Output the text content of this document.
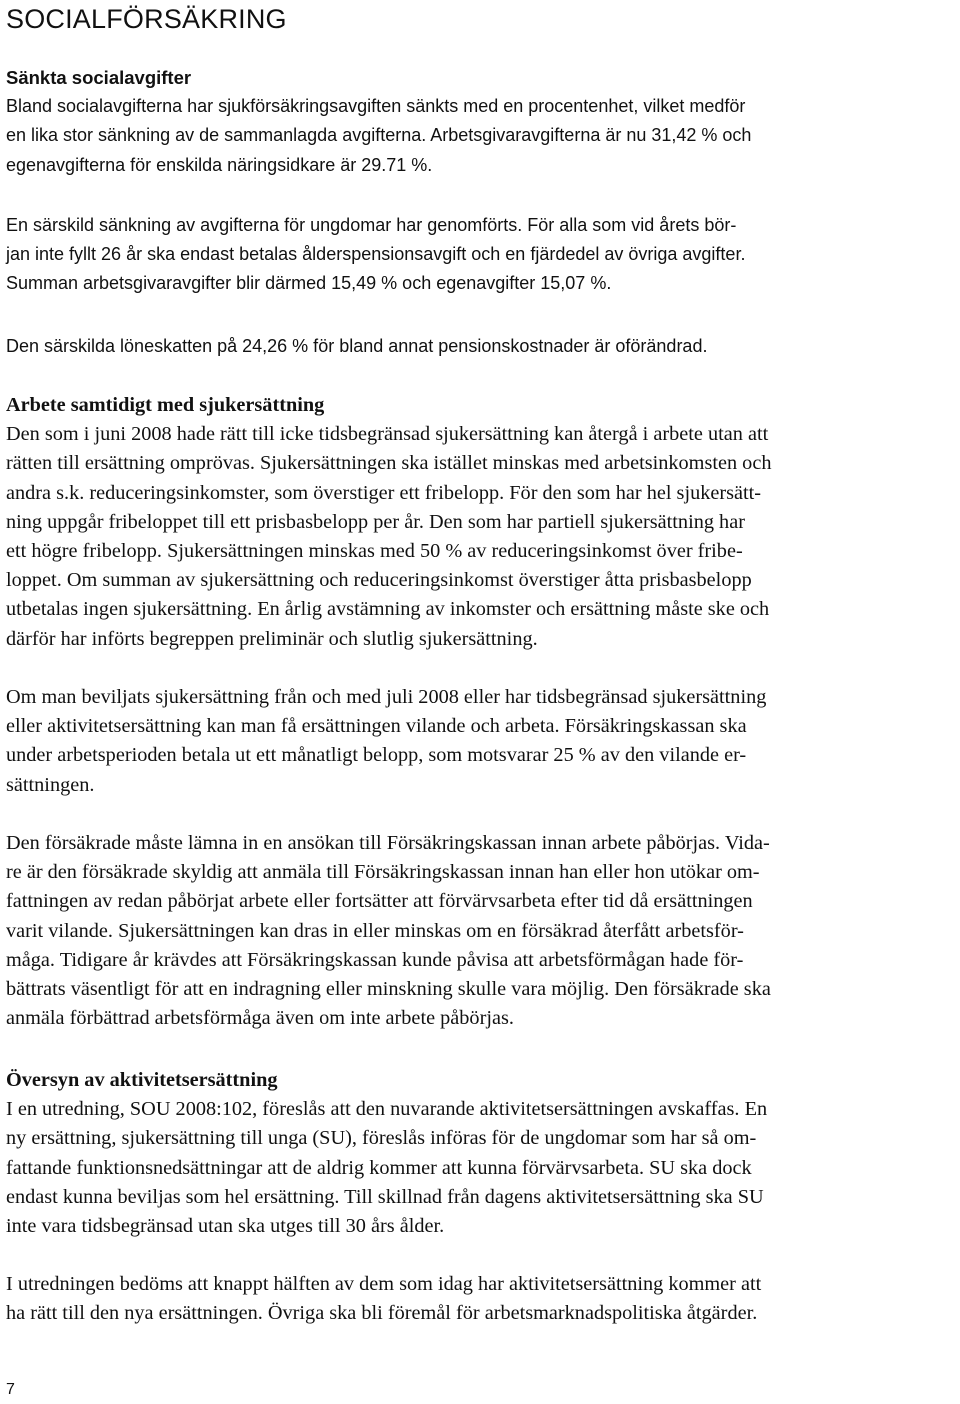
SOCIALFÖRSÄKRING
Sänkta socialavgifter
Bland socialavgifterna har sjukförsäkringsavgiften sänkts med en procentenhet, vilket medför
en lika stor sänkning av de sammanlagda avgifterna. Arbetsgivaravgifterna är nu 31,42 % och
egenavgifterna för enskilda näringsidkare är 29.71 %.
En särskild sänkning av avgifterna för ungdomar har genomförts. För alla som vid årets bör-
jan inte fyllt 26 år ska endast betalas ålderspensionsavgift och en fjärdedel av övriga avgifter.
Summan arbetsgivaravgifter blir därmed 15,49 % och egenavgifter 15,07 %.
Den särskilda löneskatten på 24,26 % för bland annat pensionskostnader är oförändrad.
Arbete samtidigt med sjukersättning
Den som i juni 2008 hade rätt till icke tidsbegränsad sjukersättning kan återgå i arbete utan att
rätten till ersättning omprövas. Sjukersättningen ska istället minskas med arbetsinkomsten och
andra s.k. reduceringsinkomster, som överstiger ett fribelopp. För den som har hel sjukersätt-
ning uppgår fribeloppet till ett prisbasbelopp per år. Den som har partiell sjukersättning har
ett högre fribelopp. Sjukersättningen minskas med 50 % av reduceringsinkomst över fribe-
loppet. Om summan av sjukersättning och reduceringsinkomst överstiger åtta prisbasbelopp
utbetalas ingen sjukersättning. En årlig avstämning av inkomster och ersättning måste ske och
därför har införts begreppen preliminär och slutlig sjukersättning.
Om man beviljats sjukersättning från och med juli 2008 eller har tidsbegränsad sjukersättning
eller aktivitetsersättning kan man få ersättningen vilande och arbeta. Försäkringskassan ska
under arbetsperioden betala ut ett månatligt belopp, som motsvarar 25 % av den vilande er-
sättningen.
Den försäkrade måste lämna in en ansökan till Försäkringskassan innan arbete påbörjas. Vida-
re är den försäkrade skyldig att anmäla till Försäkringskassan innan han eller hon utökar om-
fattningen av redan påbörjat arbete eller fortsätter att förvärvsarbeta efter tid då ersättningen
varit vilande. Sjukersättningen kan dras in eller minskas om en försäkrad återfått arbetsför-
måga. Tidigare år krävdes att Försäkringskassan kunde påvisa att arbetsförmågan hade för-
bättrats väsentligt för att en indragning eller minskning skulle vara möjlig. Den försäkrade ska
anmäla förbättrad arbetsförmåga även om inte arbete påbörjas.
Översyn av aktivitetsersättning
I en utredning, SOU 2008:102, föreslås att den nuvarande aktivitetsersättningen avskaffas. En
ny ersättning, sjukersättning till unga (SU), föreslås införas för de ungdomar som har så om-
fattande funktionsnedsättningar att de aldrig kommer att kunna förvärvsarbeta. SU ska dock
endast kunna beviljas som hel ersättning. Till skillnad från dagens aktivitetsersättning ska SU
inte vara tidsbegränsad utan ska utges till 30 års ålder.
I utredningen bedöms att knappt hälften av dem som idag har aktivitetsersättning kommer att
ha rätt till den nya ersättningen. Övriga ska bli föremål för arbetsmarknadspolitiska åtgärder.
7
